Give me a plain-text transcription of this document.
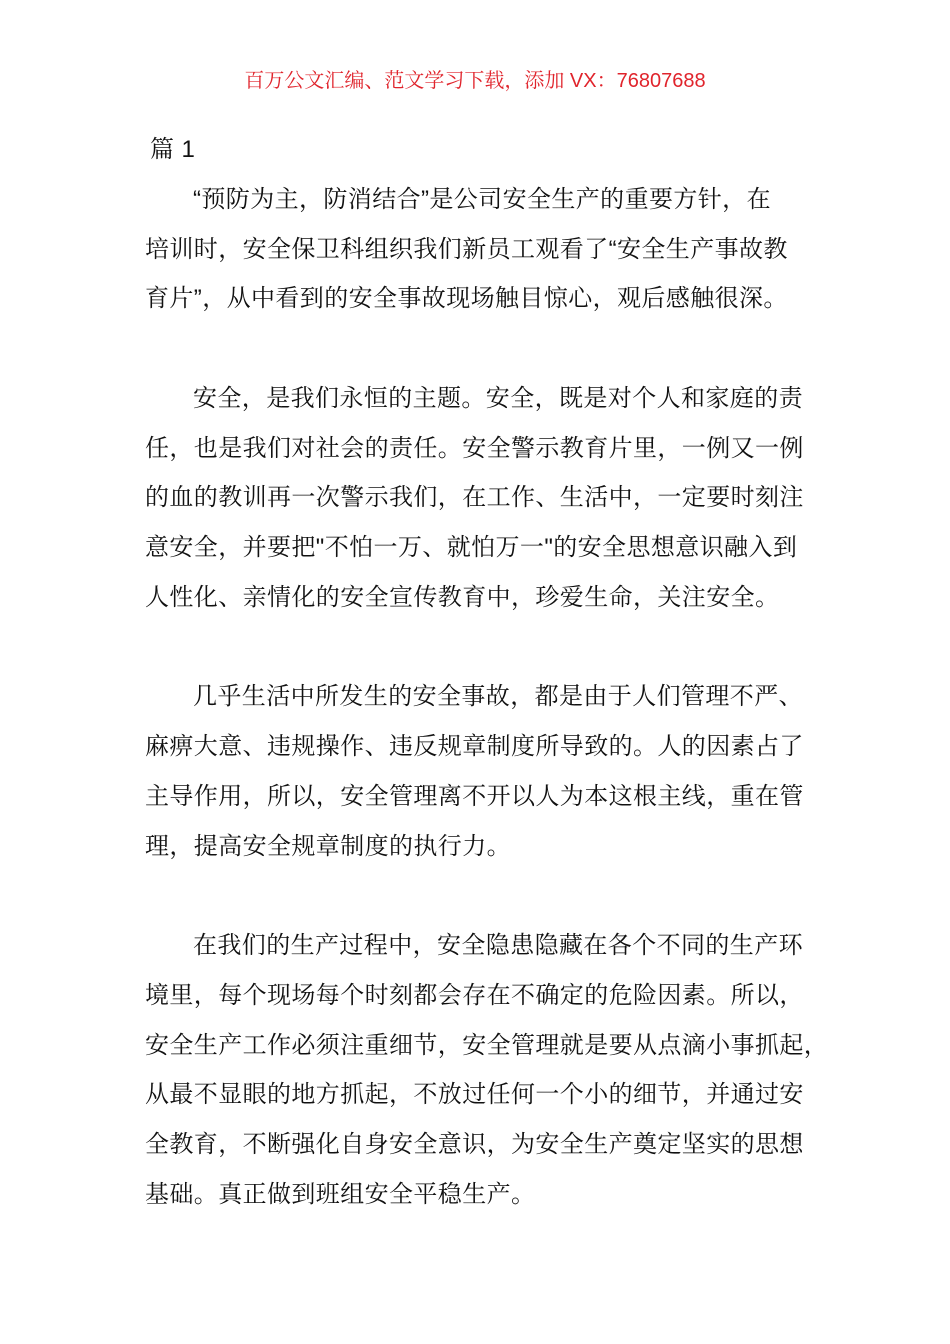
百万公文汇编、范文学习下载，添加 VX：76807688
篇 1
“预防为主，防消结合”是公司安全生产的重要方针，在
培训时，安全保卫科组织我们新员工观看了“安全生产事故教
育片”，从中看到的安全事故现场触目惊心，观后感触很深。
安全，是我们永恒的主题。安全，既是对个人和家庭的责
任，也是我们对社会的责任。安全警示教育片里，一例又一例
的血的教训再一次警示我们，在工作、生活中，一定要时刻注
意安全，并要把"不怕一万、就怕万一"的安全思想意识融入到
人性化、亲情化的安全宣传教育中，珍爱生命，关注安全。
几乎生活中所发生的安全事故，都是由于人们管理不严、
麻痹大意、违规操作、违反规章制度所导致的。人的因素占了
主导作用，所以，安全管理离不开以人为本这根主线，重在管
理，提高安全规章制度的执行力。
在我们的生产过程中，安全隐患隐藏在各个不同的生产环
境里，每个现场每个时刻都会存在不确定的危险因素。所以，
安全生产工作必须注重细节，安全管理就是要从点滴小事抓起，
从最不显眼的地方抓起，不放过任何一个小的细节，并通过安
全教育，不断强化自身安全意识，为安全生产奠定坚实的思想
基础。真正做到班组安全平稳生产。
